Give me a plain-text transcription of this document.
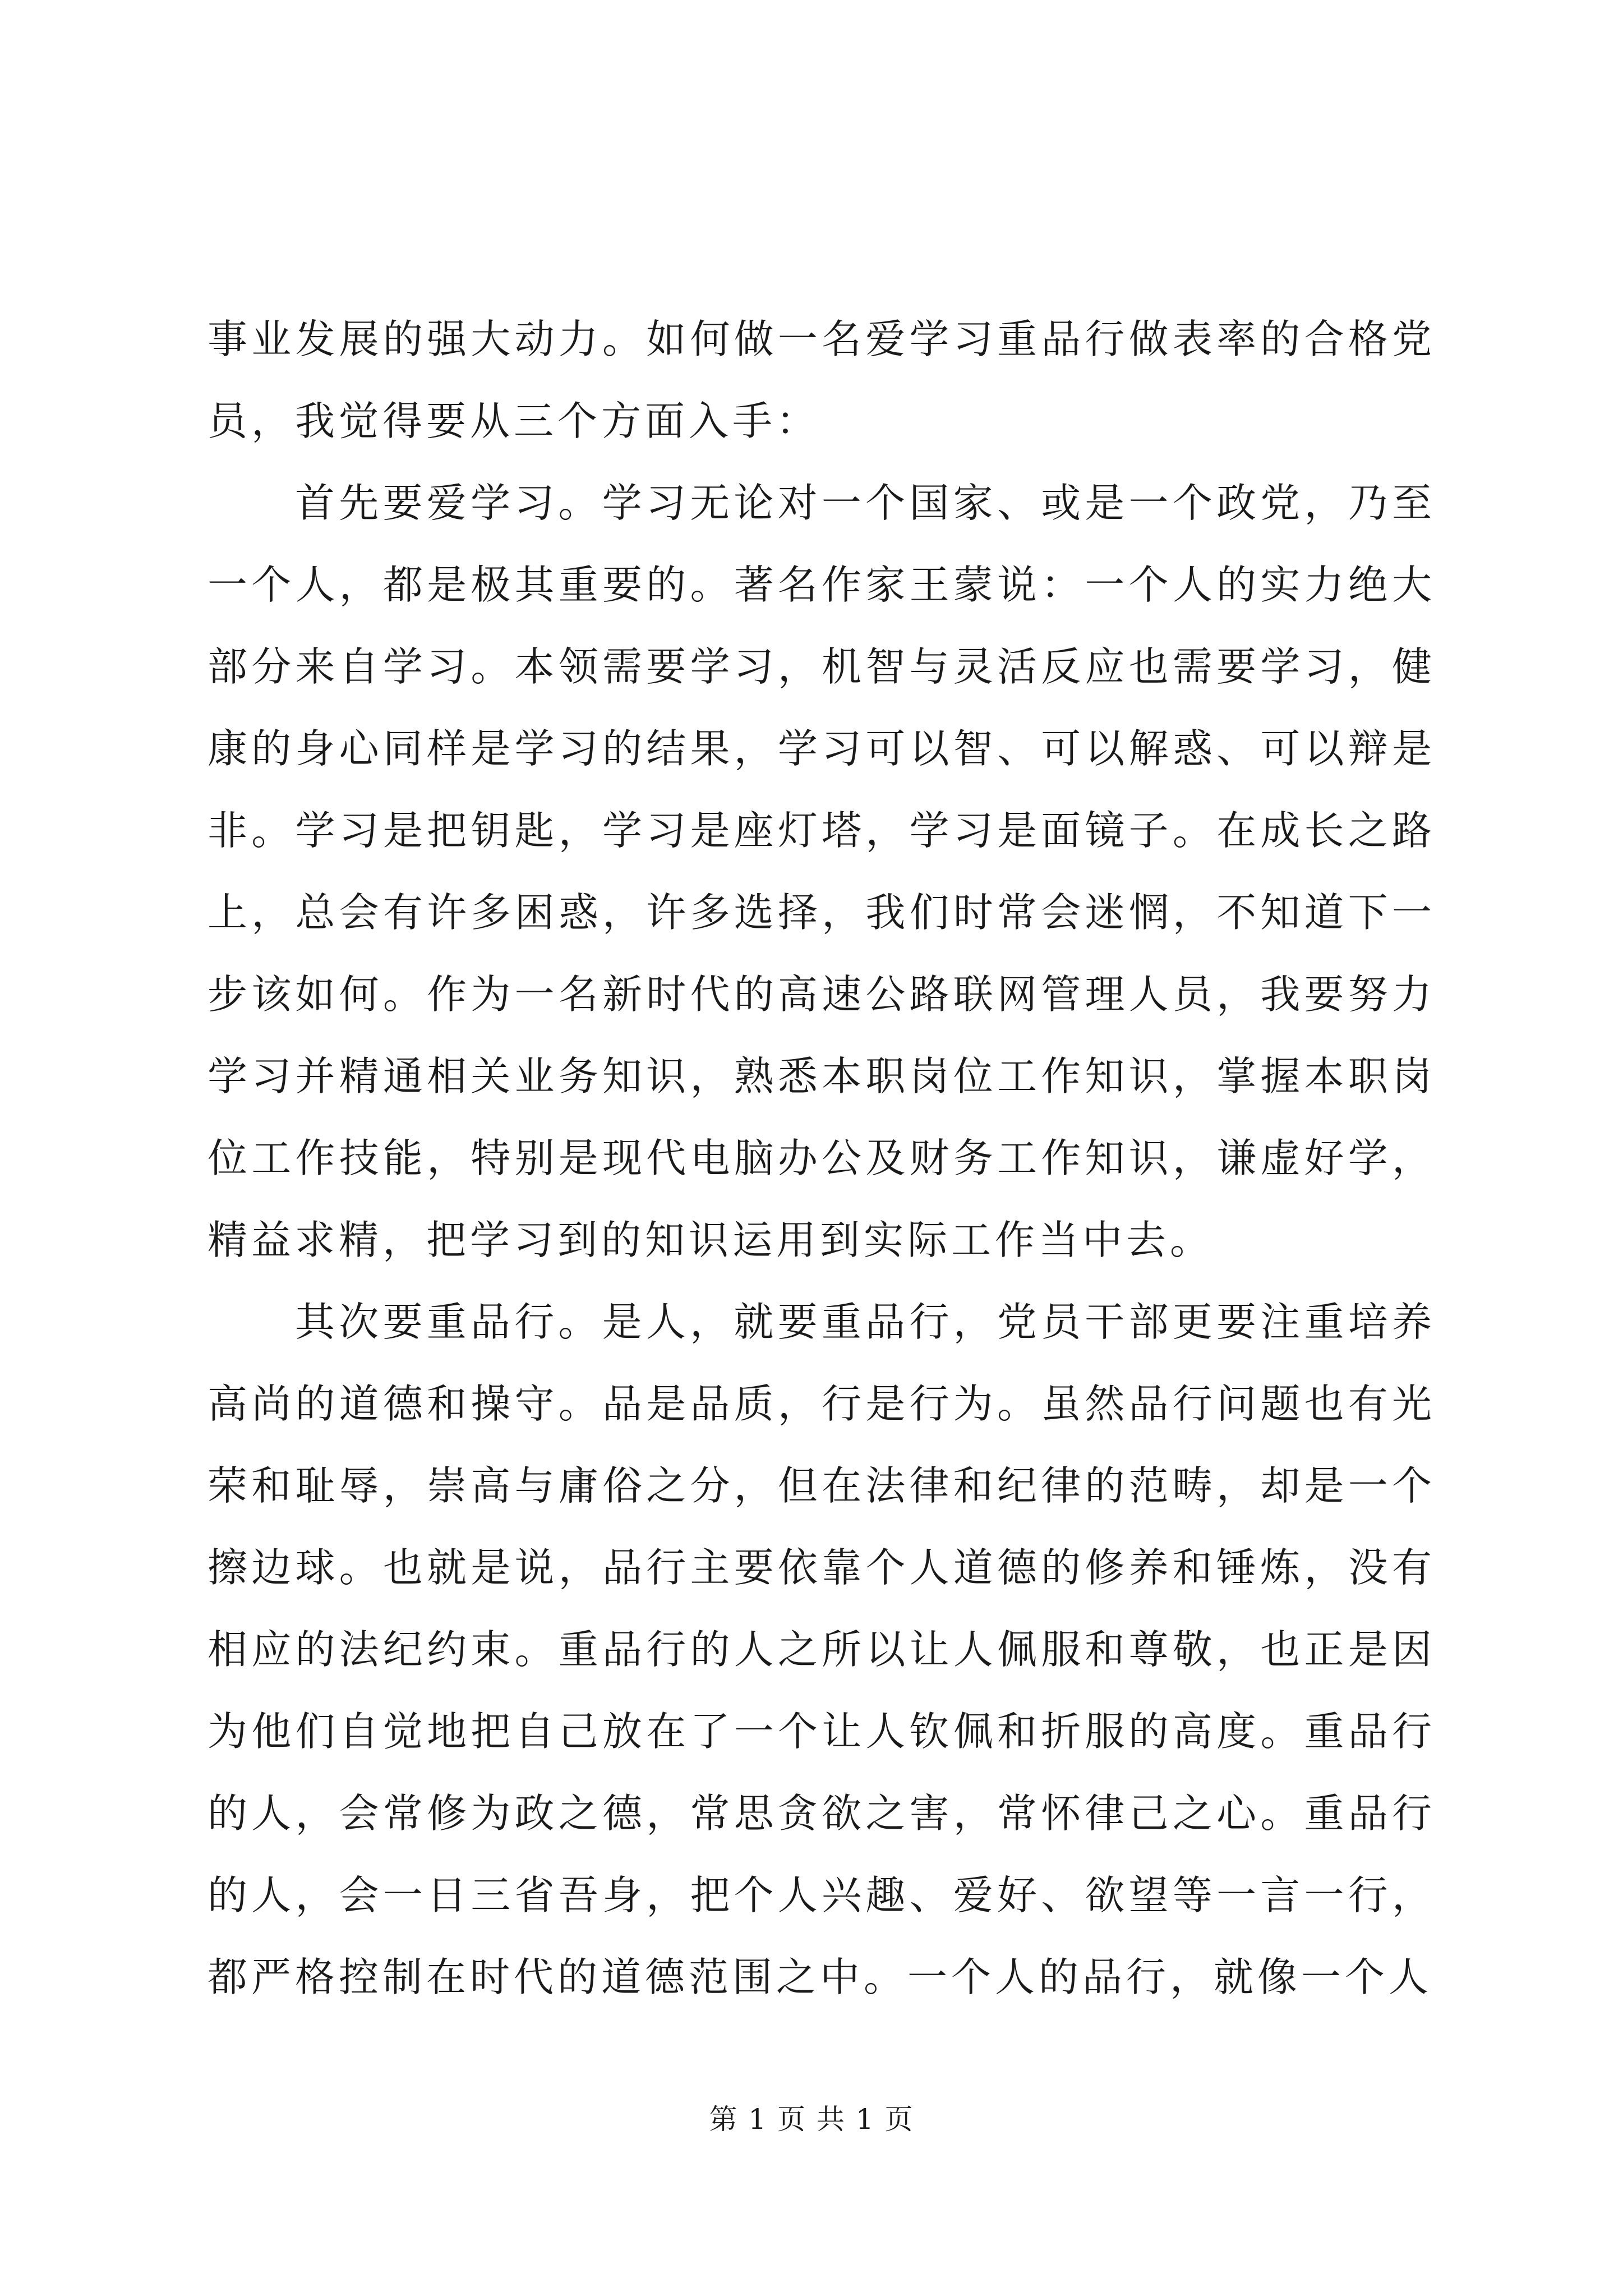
事业发展的强大动力。如何做一名爱学习重品行做表率的合格党员，我觉得要从三个方面入手：

首先要爱学习。学习无论对一个国家、或是一个政党，乃至一个人，都是极其重要的。著名作家王蒙说：一个人的实力绝大部分来自学习。本领需要学习，机智与灵活反应也需要学习，健康的身心同样是学习的结果，学习可以智、可以解惑、可以辩是非。学习是把钥匙，学习是座灯塔，学习是面镜子。在成长之路上，总会有许多困惑，许多选择，我们时常会迷惘，不知道下一步该如何。作为一名新时代的高速公路联网管理人员，我要努力学习并精通相关业务知识，熟悉本职岗位工作知识，掌握本职岗位工作技能，特别是现代电脑办公及财务工作知识，谦虚好学，精益求精，把学习到的知识运用到实际工作当中去。

其次要重品行。是人，就要重品行，党员干部更要注重培养高尚的道德和操守。品是品质，行是行为。虽然品行问题也有光荣和耻辱，崇高与庸俗之分，但在法律和纪律的范畴，却是一个擦边球。也就是说，品行主要依靠个人道德的修养和锤炼，没有相应的法纪约束。重品行的人之所以让人佩服和尊敬，也正是因为他们自觉地把自己放在了一个让人钦佩和折服的高度。重品行的人，会常修为政之德，常思贪欲之害，常怀律己之心。重品行的人，会一日三省吾身，把个人兴趣、爱好、欲望等一言一行，都严格控制在时代的道德范围之中。一个人的品行，就像一个人

第 1 页 共 1 页
